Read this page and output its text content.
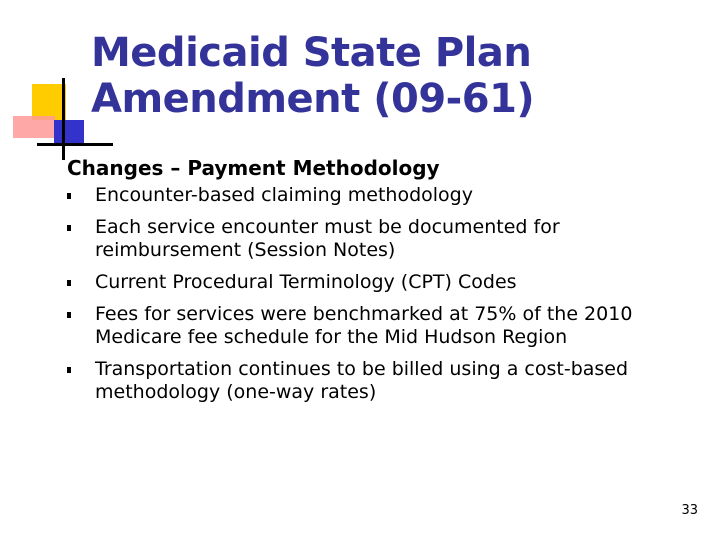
Medicaid State Plan
Amendment (09-61)
Changes – Payment Methodology
Encounter-based claiming methodology
Each service encounter must be documented for reimbursement (Session Notes)
Current Procedural Terminology (CPT) Codes
Fees for services were benchmarked at 75% of the 2010 Medicare fee schedule for the Mid Hudson Region
Transportation continues to be billed using a cost-based methodology (one-way rates)
33
